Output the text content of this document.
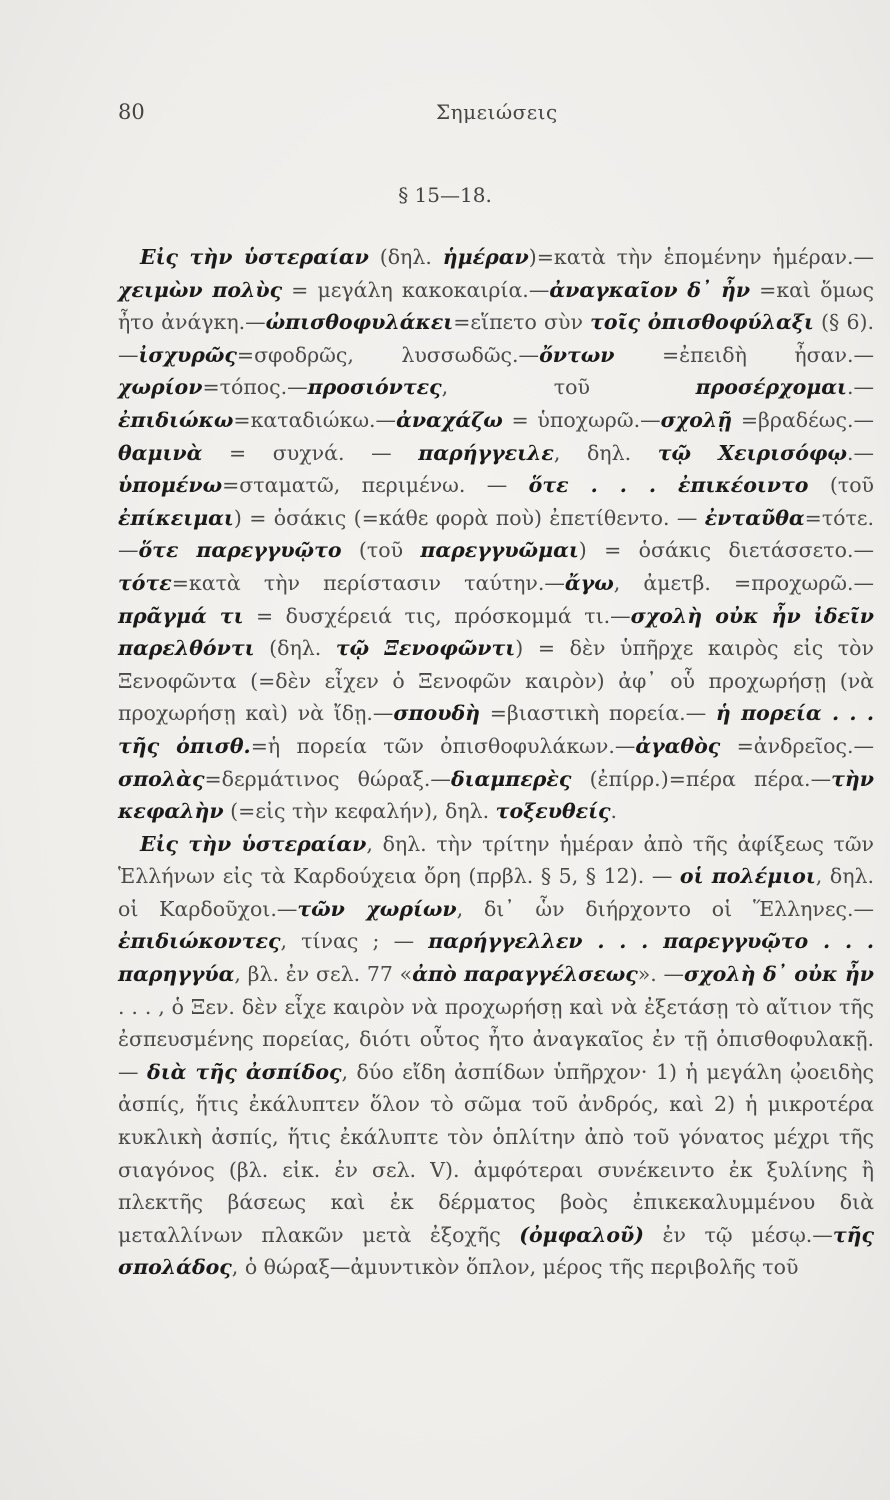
80	Σημειώσεις
§ 15—18.

Εἰς τὴν ὑστεραίαν (δηλ. ἡμέραν)=κατὰ τὴν ἑπομένην ἡμέραν.—χειμὼν πολὺς = μεγάλη κακοκαιρία.—ἀναγκαῖον δ᾽ ἦν =καὶ ὅμως ἦτο ἀνάγκη.—ὠπισθοφυλάκει=εἵπετο σὺν τοῖς ὀπισθοφύλαξι (§ 6).—ἰσχυρῶς=σφοδρῶς, λυσσωδῶς.—ὄντων =ἐπειδὴ ἦσαν.—χωρίον=τόπος.—προσιόντες, τοῦ προσέρχομαι.—ἐπιδιώκω=καταδιώκω.—ἀναχάζω = ὑποχωρῶ.—σχολῇ =βραδέως.—θαμινὰ = συχνά. — παρήγγειλε, δηλ. τῷ Χειρισόφῳ.—ὑπομένω=σταματῶ, περιμένω. — ὅτε . . . ἐπικέοιντο (τοῦ ἐπίκειμαι) = ὁσάκις (=κάθε φορὰ ποὺ) ἐπετίθεντο. — ἐνταῦθα=τότε.—ὅτε παρεγγυῷτο (τοῦ παρεγγυῶμαι) = ὁσάκις διετάσσετο.—τότε=κατὰ τὴν περίστασιν ταύτην.—ἄγω, ἀμετβ. =προχωρῶ.—πρᾶγμά τι = δυσχέρειά τις, πρόσκομμά τι.—σχολὴ οὐκ ἦν ἰδεῖν παρελθόντι (δηλ. τῷ Ξενοφῶντι) = δὲν ὑπῆρχε καιρὸς εἰς τὸν Ξενοφῶντα (=δὲν εἶχεν ὁ Ξενοφῶν καιρὸν) ἀφ᾽ οὗ προχωρήσῃ (νὰ προχωρήσῃ καὶ) νὰ ἴδῃ.—σπουδὴ =βιαστικὴ πορεία.— ἡ πορεία . . . τῆς ὀπισθ.=ἡ πορεία τῶν ὀπισθοφυλάκων.—ἀγαθὸς =ἀνδρεῖος.—σπολὰς=δερμάτινος θώραξ.—διαμπερὲς (ἐπίρρ.)=πέρα πέρα.—τὴν κεφαλὴν (=εἰς τὴν κεφαλήν), δηλ. τοξευθείς.

Εἰς τὴν ὑστεραίαν, δηλ. τὴν τρίτην ἡμέραν ἀπὸ τῆς ἀφίξεως τῶν Ἑλλήνων εἰς τὰ Καρδούχεια ὄρη (πρβλ. § 5, § 12). — οἱ πολέμιοι, δηλ. οἱ Καρδοῦχοι.—τῶν χωρίων, δι᾽ ὧν διήρχοντο οἱ Ἕλληνες.— ἐπιδιώκοντες, τίνας ; — παρήγγελλεν . . . παρεγγυῷτο . . . παρηγγύα, βλ. ἐν σελ. 77 «ἀπὸ παραγγέλσεως». —σχολὴ δ᾽ οὐκ ἦν . . . , ὁ Ξεν. δὲν εἶχε καιρὸν νὰ προχωρήσῃ καὶ νὰ ἐξετάσῃ τὸ αἴτιον τῆς ἐσπευσμένης πορείας, διότι οὗτος ἦτο ἀναγκαῖος ἐν τῇ ὀπισθοφυλακῇ. — διὰ τῆς ἀσπίδος, δύο εἴδη ἀσπίδων ὑπῆρχον· 1) ἡ μεγάλη ᾠοειδὴς ἀσπίς, ἥτις ἐκάλυπτεν ὅλον τὸ σῶμα τοῦ ἀνδρός, καὶ 2) ἡ μικροτέρα κυκλικὴ ἀσπίς, ἥτις ἐκάλυπτε τὸν ὁπλίτην ἀπὸ τοῦ γόνατος μέχρι τῆς σιαγόνος (βλ. εἰκ. ἐν σελ. V). ἀμφότεραι συνέκειντο ἐκ ξυλίνης ἢ πλεκτῆς βάσεως καὶ ἐκ δέρματος βοὸς ἐπικεκαλυμμένου διὰ μεταλλίνων πλακῶν μετὰ ἐξοχῆς (ὀμφαλοῦ) ἐν τῷ μέσῳ.—τῆς σπολάδος, ὁ θώραξ—ἀμυντικὸν ὅπλον, μέρος τῆς περιβολῆς τοῦ
